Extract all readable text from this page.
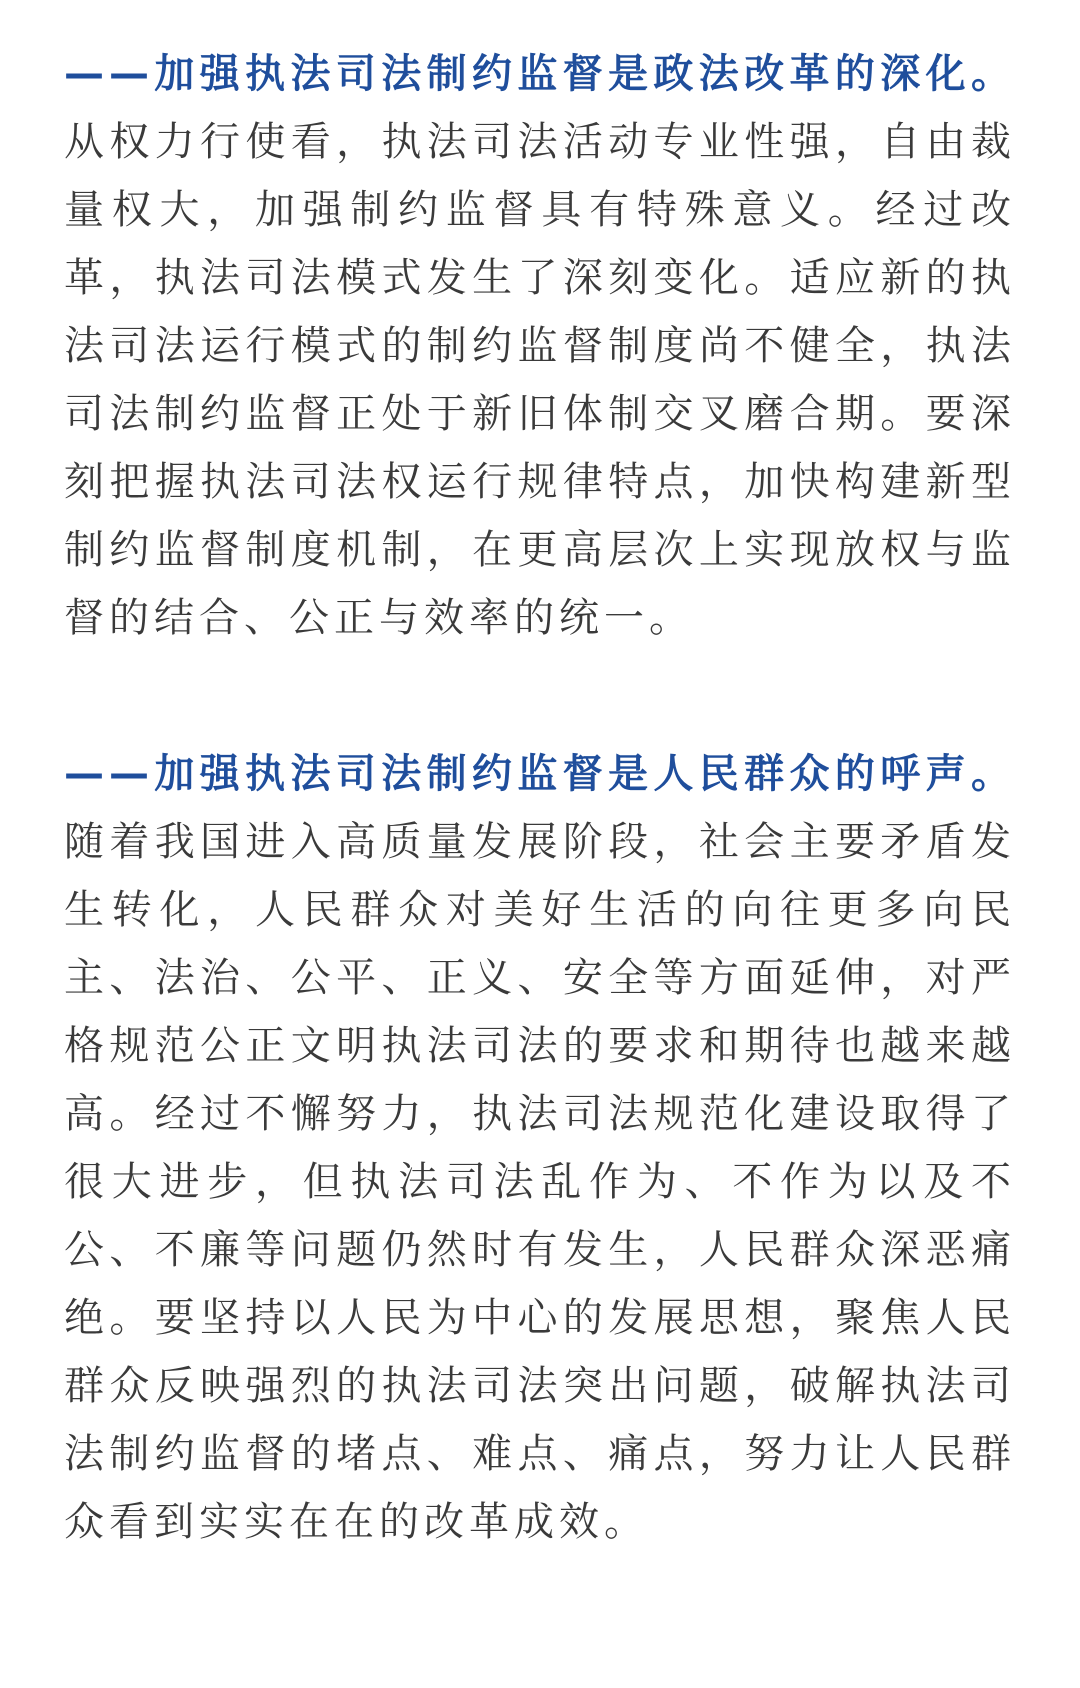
——加强执法司法制约监督是政法改革的深化。从权力行使看，执法司法活动专业性强，自由裁量权大，加强制约监督具有特殊意义。经过改革，执法司法模式发生了深刻变化。适应新的执法司法运行模式的制约监督制度尚不健全，执法司法制约监督正处于新旧体制交叉磨合期。要深刻把握执法司法权运行规律特点，加快构建新型制约监督制度机制，在更高层次上实现放权与监督的结合、公正与效率的统一。

——加强执法司法制约监督是人民群众的呼声。随着我国进入高质量发展阶段，社会主要矛盾发生转化，人民群众对美好生活的向往更多向民主、法治、公平、正义、安全等方面延伸，对严格规范公正文明执法司法的要求和期待也越来越高。经过不懈努力，执法司法规范化建设取得了很大进步，但执法司法乱作为、不作为以及不公、不廉等问题仍然时有发生，人民群众深恶痛绝。要坚持以人民为中心的发展思想，聚焦人民群众反映强烈的执法司法突出问题，破解执法司法制约监督的堵点、难点、痛点，努力让人民群众看到实实在在的改革成效。
